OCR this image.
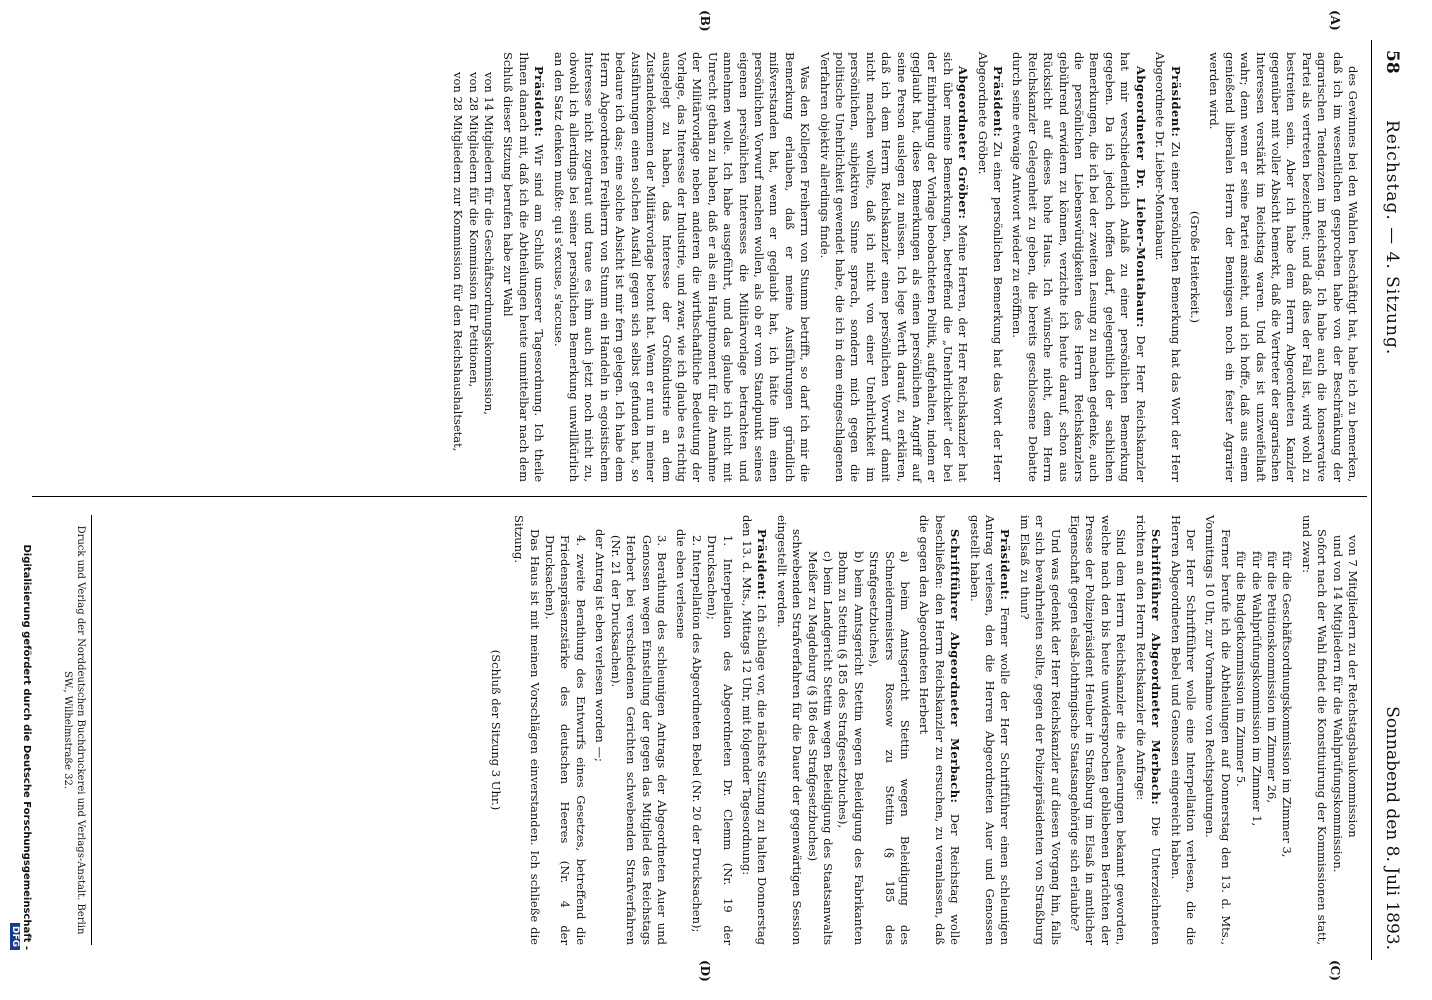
58
Reichstag. — 4. Sitzung.
Sonnabend den 8. Juli 1893.
(A)
(B)
(C)
(D)

des Gewinnes bei den Wahlen beschäftigt hat, habe ich zu bemerken, daß ich im wesentlichen gesprochen habe von der Beschränkung der agrarischen Tendenzen im Reichstag. Ich habe auch die konservative Partei als vertreten bezeichnet; und daß dies der Fall ist, wird wohl zu bestreiten sein. Aber ich habe dem Herrn Abgeordneten Kanzler gegenüber mit voller Absicht bemerkt, daß die Vertreter der agrarischen Interessen verstärkt im Reichstag waren. Und das ist unzweifelhaft wahr; denn wenn er seine Partei ansieht, und ich hoffe, daß aus einem genießend liberalen Herrn der Bennigsen noch ein fester Agrarier werden wird.

(Große Heiterkeit.)

Präsident: Zu einer persönlichen Bemerkung hat das Wort der Herr Abgeordnete Dr. Lieber-Montabaur.

Abgeordneter Dr. Lieber-Montabaur: Der Herr Reichskanzler hat mir verschiedentlich Anlaß zu einer persönlichen Bemerkung gegeben. Da ich jedoch hoffen darf, gelegentlich der sachlichen Bemerkungen, die ich bei der zweiten Lesung zu machen gedenke, auch die persönlichen Liebenswürdigkeiten des Herrn Reichskanzlers gebührend erwidern zu können, verzichte ich heute darauf, schon aus Rücksicht auf dieses hohe Haus. Ich wünsche nicht, dem Herrn Reichskanzler Gelegenheit zu geben, die bereits geschlossene Debatte durch seine etwaige Antwort wieder zu eröffnen.

Präsident: Zu einer persönlichen Bemerkung hat das Wort der Herr Abgeordnete Gröber.

Abgeordneter Gröber: Meine Herren, der Herr Reichskanzler hat sich über meine Bemerkungen, betreffend die „Unehrlichkeit“ der bei der Einbringung der Vorlage beobachteten Politik, aufgehalten, indem er geglaubt hat, diese Bemerkungen als einen persönlichen Angriff auf seine Person auslegen zu müssen. Ich lege Werth darauf, zu erklären, daß ich dem Herrn Reichskanzler einen persönlichen Vorwurf damit nicht machen wollte, daß ich nicht von einer Unehrlichkeit im persönlichen, subjektiven Sinne sprach, sondern mich gegen die politische Unehrlichkeit gewendet habe, die ich in dem eingeschlagenen Verfahren objektiv allerdings finde.

Was den Kollegen Freiherrn von Stumm betrifft, so darf ich mir die Bemerkung erlauben, daß er meine Ausführungen gründlich mißverstanden hat, wenn er geglaubt hat, ich hätte ihm einen persönlichen Vorwurf machen wollen, als ob er vom Standpunkt seines eigenen persönlichen Interesses die Militärvorlage betrachten und annehmen wolle. Ich habe ausgeführt, und das glaube ich nicht mit Unrecht gethan zu haben, daß er als ein Hauptmoment für die Annahme der Militärvorlage neben anderen die wirthschaftliche Bedeutung der Vorlage, das Interesse der Industrie, und zwar, wie ich glaube es richtig ausgelegt zu haben, das Interesse der Großindustrie an dem Zustandekommen der Militärvorlage betont hat. Wenn er nun in meiner Ausführungen einen solchen Ausfall gegen sich selbst gefunden hat, so bedaure ich das; eine solche Absicht ist mir fern gelegen. Ich habe dem Herrn Abgeordneten Freiherrn von Stumm ein Handeln in egoistischem Interesse nicht zugetraut und traue es ihm auch jetzt noch nicht zu, obwohl ich allerdings bei seiner persönlichen Bemerkung unwillkürlich an den Satz denken mußte: qui s'excuse, s'accuse.

Präsident: Wir sind am Schluß unserer Tagesordnung. Ich theile Ihnen danach mit, daß ich die Abtheilungen heute unmittelbar nach dem Schluß dieser Sitzung berufen habe zur Wahl

von 14 Mitgliedern für die Geschäftsordnungskommission,

von 28 Mitgliedern für die Kommission für Petitionen,

von 28 Mitgliedern zur Kommission für den Reichshaushaltsetat,

von 7 Mitgliedern zu der Reichstagsbaukommission

und von 14 Mitgliedern für die Wahlprüfungskommission.

Sofort nach der Wahl findet die Konstituirung der Kommissionen statt, und zwar:

für die Geschäftsordnungskommission im Zimmer 3,

für die Petitionskommission im Zimmer 26,

für die Wahlprüfungskommission im Zimmer 1,

für die Budgetkommission im Zimmer 5.

Ferner berufe ich die Abtheilungen auf Donnerstag den 13. d. Mts., Vormittags 10 Uhr, zur Vornahme von Rechtspatungen.

Der Herr Schriftführer wolle eine Interpellation verlesen, die die Herren Abgeordneten Bebel und Genossen eingereicht haben.

Schriftführer Abgeordneter Merbach: Die Unterzeichneten richten an den Herrn Reichskanzler die Anfrage:

Sind dem Herrn Reichskanzler die Aeußerungen bekannt geworden, welche nach den bis heute unwidersprochen gebliebenen Berichten der Presse der Polizeipräsident Heuber in Straßburg im Elsaß in amtlicher Eigenschaft gegen elsaß-lothringische Staatsangehörige sich erlaubte?

Und was gedenkt der Herr Reichskanzler auf diesen Vorgang hin, falls er sich bewahrheiten sollte, gegen der Polizeipräsidenten von Straßburg im Elsaß zu thun?

Präsident: Ferner wolle der Herr Schriftführer einen schleunigen Antrag verlesen, den die Herren Abgeordneten Auer und Genossen gestellt haben.

Schriftführer Abgeordneter Merbach: Der Reichstag wolle beschließen: den Herrn Reichskanzler zu ersuchen, zu veranlassen, daß die gegen den Abgeordneten Herbert

a) beim Amtsgericht Stettin wegen Beleidigung des Schneidermeisters Rossow zu Stettin (§ 185 des Strafgesetzbuches),

b) beim Amtsgericht Stettin wegen Beleidigung des Fabrikanten Bohm zu Stettin (§ 185 des Strafgesetzbuches),

c) beim Landgericht Stettin wegen Beleidigung des Staatsanwalts Meißer zu Magdeburg (§ 186 des Strafgesetzbuches)

schwebenden Strafverfahren für die Dauer der gegenwärtigen Session eingestellt werden.

Präsident: Ich schlage vor, die nächste Sitzung zu halten Donnerstag den 13. d. Mts., Mittags 12 Uhr, mit folgender Tagesordnung:

1. Interpellation des Abgeordneten Dr. Clemm (Nr. 19 der Drucksachen);

2. Interpellation des Abgeordneten Bebel (Nr. 20 der Drucksachen);

die eben verlesene

3. Berathung des schleunigen Antrags der Abgeordneten Auer und Genossen wegen Einstellung der gegen das Mitglied des Reichstags Herbert bei verschiedenen Gerichten schwebenden Strafverfahren (Nr. 21 der Drucksachen).

der Antrag ist eben verlesen worden —;

4. zweite Berathung des Entwurfs eines Gesetzes, betreffend die Friedenspräsenzstärke des deutschen Heeres (Nr. 4 der Drucksachen).

Das Haus ist mit meinen Vorschlägen einverstanden. Ich schließe die Sitzung.

(Schluß der Sitzung 3 Uhr.)

Druck und Verlag der Norddeutschen Buchdruckerei und Verlags-Anstalt. Berlin SW., Wilhelmstraße 32.
Digitalisierung gefördert durch die Deutsche Forschungsgemeinschaft - DFG
